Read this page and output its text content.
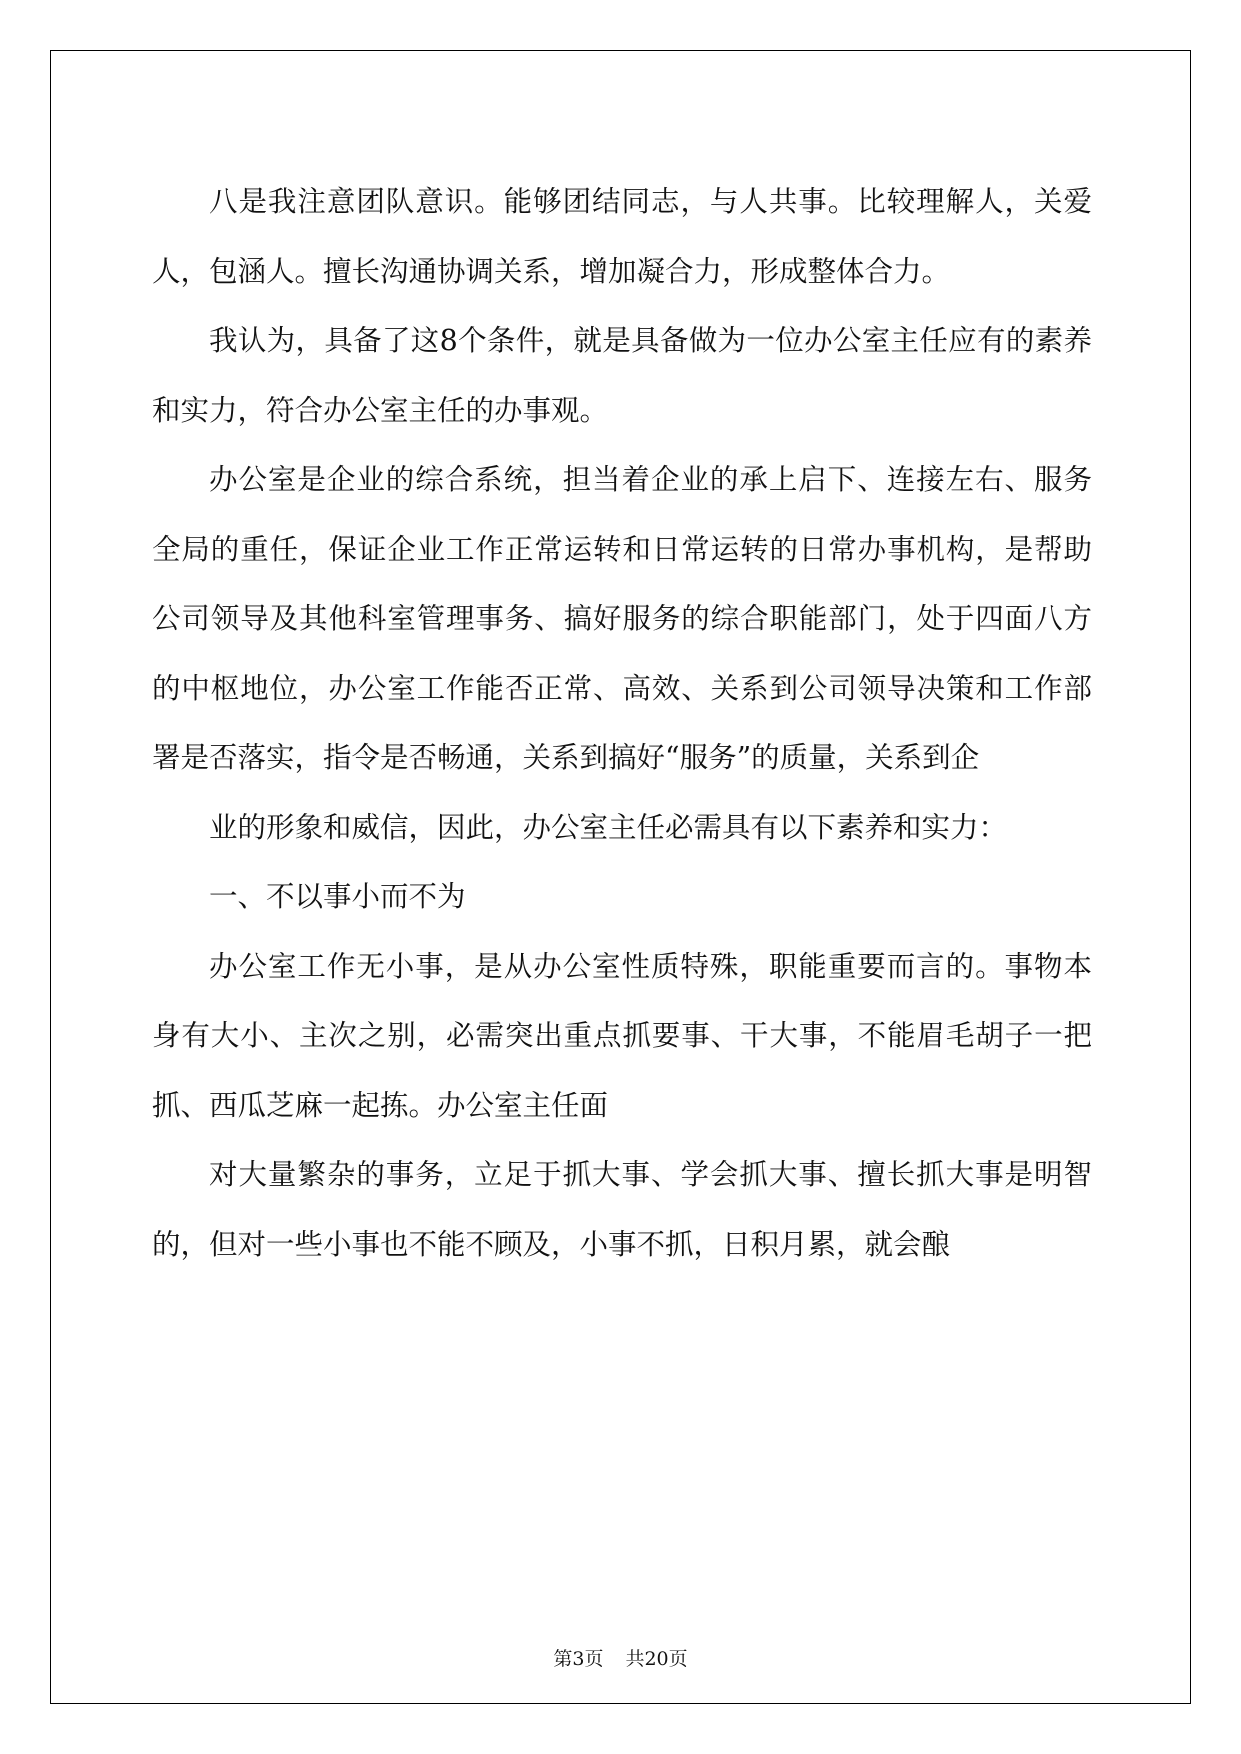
八是我注意团队意识。能够团结同志，与人共事。比较理解人，关爱人，包涵人。擅长沟通协调关系，增加凝合力，形成整体合力。

我认为，具备了这8个条件，就是具备做为一位办公室主任应有的素养和实力，符合办公室主任的办事观。

办公室是企业的综合系统，担当着企业的承上启下、连接左右、服务全局的重任，保证企业工作正常运转和日常运转的日常办事机构，是帮助公司领导及其他科室管理事务、搞好服务的综合职能部门，处于四面八方的中枢地位，办公室工作能否正常、高效、关系到公司领导决策和工作部署是否落实，指令是否畅通，关系到搞好“服务”的质量，关系到企

业的形象和威信，因此，办公室主任必需具有以下素养和实力：

一、不以事小而不为

办公室工作无小事，是从办公室性质特殊，职能重要而言的。事物本身有大小、主次之别，必需突出重点抓要事、干大事，不能眉毛胡子一把抓、西瓜芝麻一起拣。办公室主任面

对大量繁杂的事务，立足于抓大事、学会抓大事、擅长抓大事是明智的，但对一些小事也不能不顾及，小事不抓，日积月累，就会酿

第3页 共20页
